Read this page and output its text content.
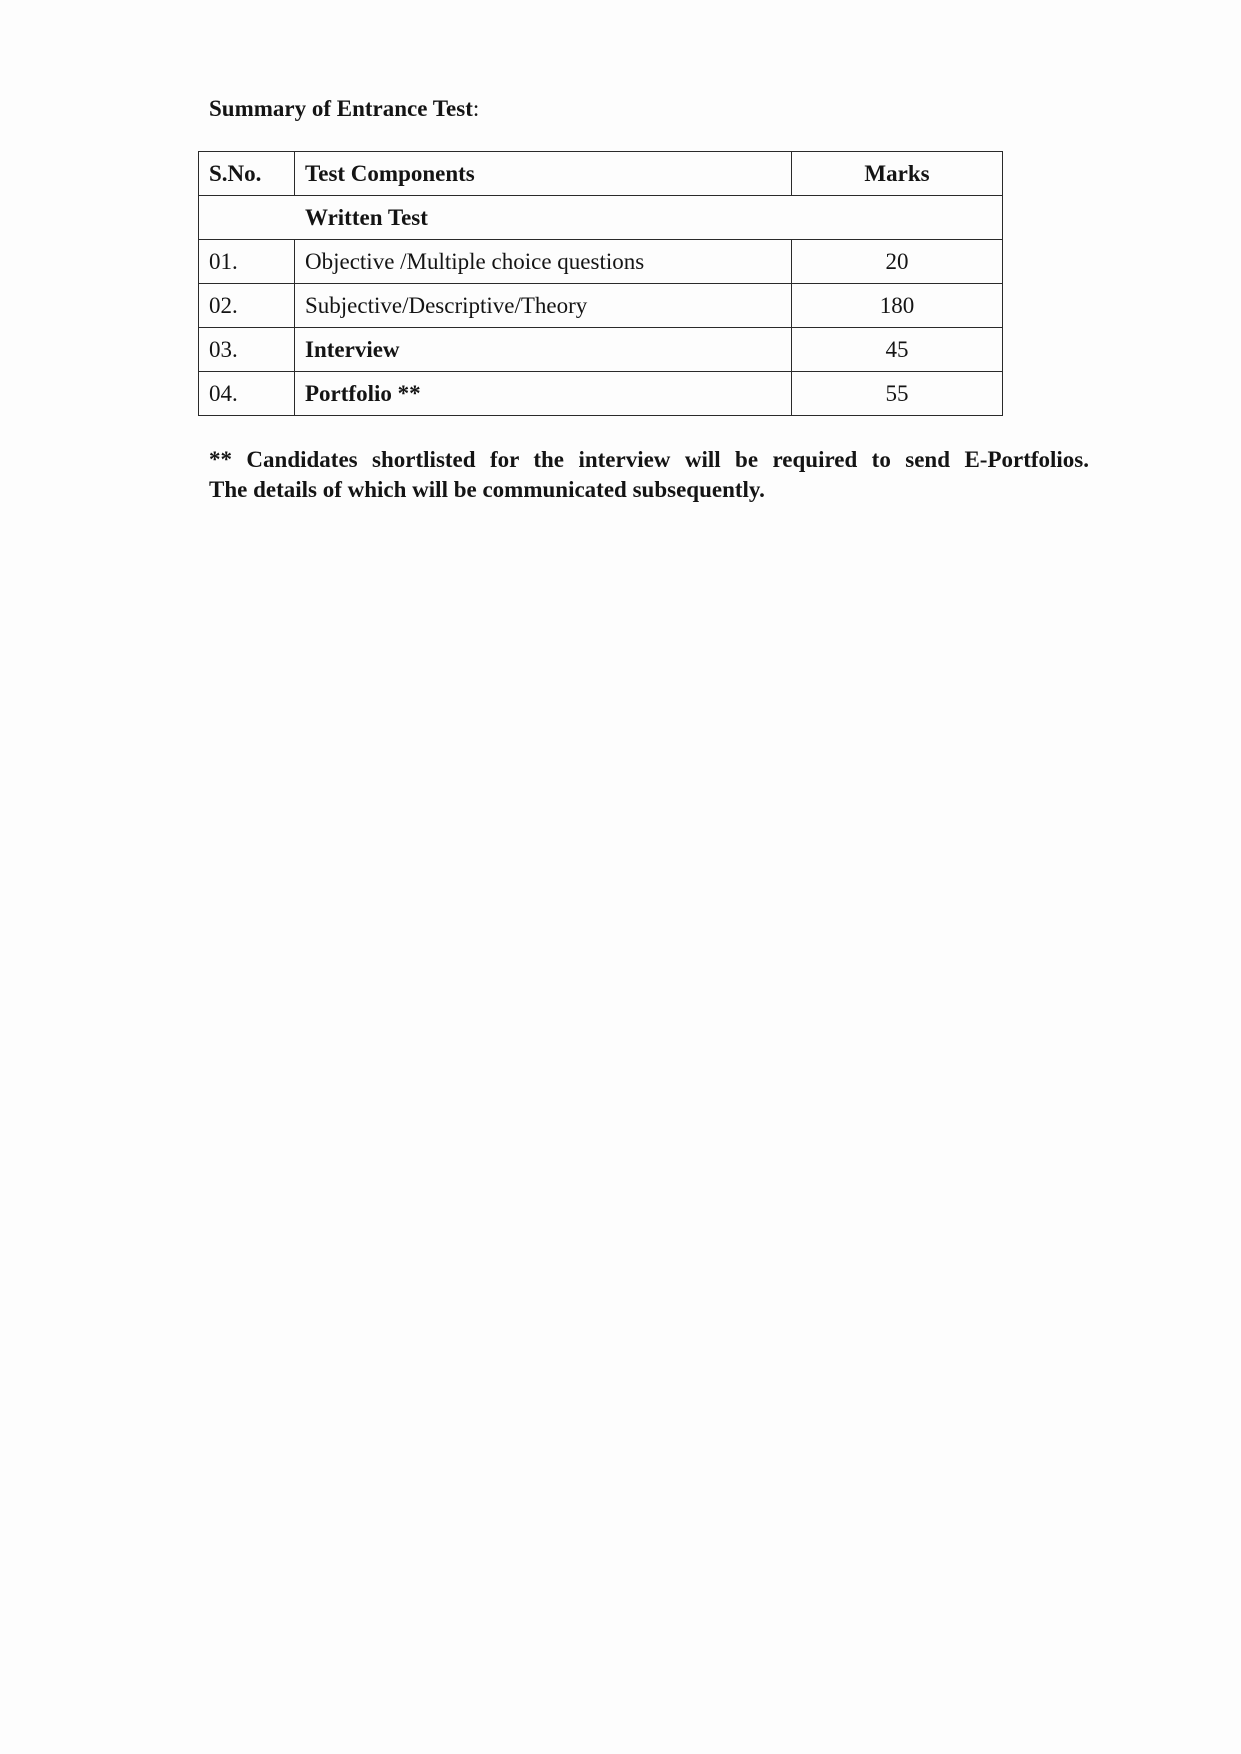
Summary of Entrance Test:
S.No.	Test Components	Marks
Written Test		
01.	Objective /Multiple choice questions	20
02.	Subjective/Descriptive/Theory	180
03.	Interview	45
04.	Portfolio **	55
** Candidates shortlisted for the interview will be required to send E-Portfolios.
The details of which will be communicated subsequently.
